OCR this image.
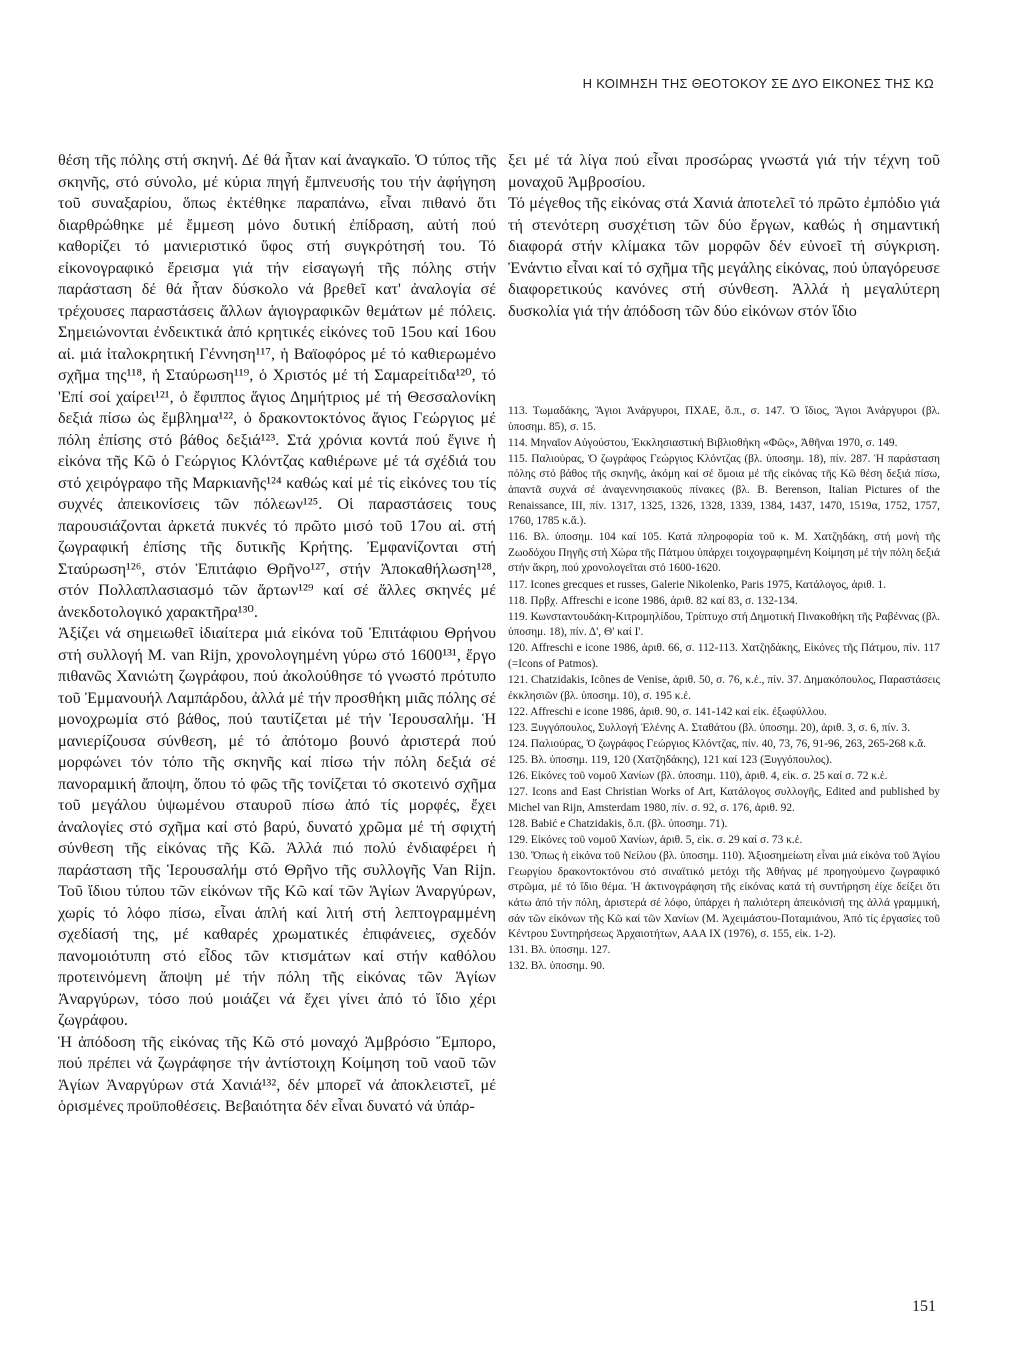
Η ΚΟΙΜΗΣΗ ΤΗΣ ΘΕΟΤΟΚΟΥ ΣΕ ΔΥΟ ΕΙΚΟΝΕΣ ΤΗΣ ΚΩ

θέση τῆς πόλης στή σκηνή. Δέ θά ἦταν καί ἀναγκαῖο. Ὁ τύπος τῆς σκηνῆς, στό σύνολο, μέ κύρια πηγή ἔμπνευσής του τήν ἀφήγηση τοῦ συναξαρίου, ὅπως ἐκτέθηκε παραπάνω, εἶναι πιθανό ὅτι διαρθρώθηκε μέ ἔμμεση μόνο δυτική ἐπίδραση, αὐτή πού καθορίζει τό μανιεριστικό ὕφος στή συγκρότησή του. Τό εἰκονογραφικό ἔρεισμα γιά τήν εἰσαγωγή τῆς πόλης στήν παράσταση δέ θά ἦταν δύσκολο νά βρεθεῖ κατ' ἀναλογία σέ τρέχουσες παραστάσεις ἄλλων ἁγιογραφικῶν θεμάτων μέ πόλεις. Σημειώνονται ἐνδεικτικά ἀπό κρητικές εἰκόνες τοῦ 15ου καί 16ου αἰ. μιά ἰταλοκρητική Γέννηση¹¹⁷, ἡ Βαϊοφόρος μέ τό καθιερωμένο σχῆμα της¹¹⁸, ἡ Σταύρωση¹¹⁹, ὁ Χριστός μέ τή Σαμαρείτιδα¹²⁰, τό 'Επί σοί χαίρει¹²¹, ὁ ἔφιππος ἅγιος Δημήτριος μέ τή Θεσσαλονίκη δεξιά πίσω ὡς ἔμβλημα¹²², ὁ δρακοντοκτόνος ἅγιος Γεώργιος μέ πόλη ἐπίσης στό βάθος δεξιά¹²³. Στά χρόνια κοντά πού ἔγινε ἡ εἰκόνα τῆς Κῶ ὁ Γεώργιος Κλόντζας καθιέρωνε μέ τά σχέδιά του στό χειρόγραφο τῆς Μαρκιανῆς¹²⁴ καθώς καί μέ τίς εἰκόνες του τίς συχνές ἀπεικονίσεις τῶν πόλεων¹²⁵. Οἱ παραστάσεις τους παρουσιάζονται ἀρκετά πυκνές τό πρῶτο μισό τοῦ 17ου αἰ. στή ζωγραφική ἐπίσης τῆς δυτικῆς Κρήτης. Ἐμφανίζονται στή Σταύρωση¹²⁶, στόν Ἐπιτάφιο Θρῆνο¹²⁷, στήν Ἀποκαθήλωση¹²⁸, στόν Πολλαπλασιασμό τῶν ἄρτων¹²⁹ καί σέ ἄλλες σκηνές μέ ἀνεκδοτολογικό χαρακτῆρα¹³⁰.

Ἀξίζει νά σημειωθεῖ ἰδιαίτερα μιά εἰκόνα τοῦ Ἐπιτάφιου Θρήνου στή συλλογή M. van Rijn, χρονολογημένη γύρω στό 1600¹³¹, ἔργο πιθανῶς Χανιώτη ζωγράφου, πού ἀκολούθησε τό γνωστό πρότυπο τοῦ Ἐμμανουήλ Λαμπάρδου, ἀλλά μέ τήν προσθήκη μιᾶς πόλης σέ μονοχρωμία στό βάθος, πού ταυτίζεται μέ τήν Ἱερουσαλήμ. Ἡ μανιερίζουσα σύνθεση, μέ τό ἀπότομο βουνό ἀριστερά πού μορφώνει τόν τόπο τῆς σκηνῆς καί πίσω τήν πόλη δεξιά σέ πανοραμική ἄποψη, ὅπου τό φῶς τῆς τονίζεται τό σκοτεινό σχῆμα τοῦ μεγάλου ὑψωμένου σταυροῦ πίσω ἀπό τίς μορφές, ἔχει ἀναλογίες στό σχῆμα καί στό βαρύ, δυνατό χρῶμα μέ τή σφιχτή σύνθεση τῆς εἰκόνας τῆς Κῶ. Ἀλλά πιό πολύ ἐνδιαφέρει ἡ παράσταση τῆς Ἱερουσαλήμ στό Θρῆνο τῆς συλλογῆς Van Rijn. Τοῦ ἴδιου τύπου τῶν εἰκόνων τῆς Κῶ καί τῶν Ἁγίων Ἀναργύρων, χωρίς τό λόφο πίσω, εἶναι ἁπλή καί λιτή στή λεπτογραμμένη σχεδίασή της, μέ καθαρές χρωματικές ἐπιφάνειες, σχεδόν πανομοιότυπη στό εἶδος τῶν κτισμάτων καί στήν καθόλου προτεινόμενη ἄποψη μέ τήν πόλη τῆς εἰκόνας τῶν Ἁγίων Ἀναργύρων, τόσο πού μοιάζει νά ἔχει γίνει ἀπό τό ἴδιο χέρι ζωγράφου.

Ἡ ἀπόδοση τῆς εἰκόνας τῆς Κῶ στό μοναχό Ἀμβρόσιο Ἔμπορο, πού πρέπει νά ζωγράφησε τήν ἀντίστοιχη Κοίμηση τοῦ ναοῦ τῶν Ἁγίων Ἀναργύρων στά Χανιά¹³², δέν μπορεῖ νά ἀποκλειστεῖ, μέ ὁρισμένες προϋποθέσεις. Βεβαιότητα δέν εἶναι δυνατό νά ὑπάρ-

ξει μέ τά λίγα πού εἶναι προσώρας γνωστά γιά τήν τέχνη τοῦ μοναχοῦ Ἀμβροσίου.

Τό μέγεθος τῆς εἰκόνας στά Χανιά ἀποτελεῖ τό πρῶτο ἐμπόδιο γιά τή στενότερη συσχέτιση τῶν δύο ἔργων, καθώς ἡ σημαντική διαφορά στήν κλίμακα τῶν μορφῶν δέν εὐνοεῖ τή σύγκριση. Ἐνάντιο εἶναι καί τό σχῆμα τῆς μεγάλης εἰκόνας, πού ὑπαγόρευσε διαφορετικούς κανόνες στή σύνθεση. Ἀλλά ἡ μεγαλύτερη δυσκολία γιά τήν ἀπόδοση τῶν δύο εἰκόνων στόν ἴδιο

113. Τωμαδάκης, Ἅγιοι Ἀνάργυροι, ΠΧΑΕ, ὅ.π., σ. 147. Ὁ ἴδιος, Ἅγιοι Ἀνάργυροι (βλ. ὑποσημ. 85), σ. 15.

114. Μηναῖον Αὐγούστου, Ἐκκλησιαστική Βιβλιοθήκη «Φῶς», Ἀθῆναι 1970, σ. 149.

115. Παλιούρας, Ὁ ζωγράφος Γεώργιος Κλόντζας (βλ. ὑποσημ. 18), πίν. 287. Ἡ παράσταση πόλης στό βάθος τῆς σκηνῆς, ἀκόμη καί σέ ὅμοια μέ τῆς εἰκόνας τῆς Κῶ θέση δεξιά πίσω, ἀπαντᾶ συχνά σέ ἀναγεννησιακούς πίνακες (βλ. B. Berenson, Italian Pictures of the Renaissance, III, πίν. 1317, 1325, 1326, 1328, 1339, 1384, 1437, 1470, 1519α, 1752, 1757, 1760, 1785 κ.ἄ.).

116. Βλ. ὑποσημ. 104 καί 105. Κατά πληροφορία τοῦ κ. M. Χατζηδάκη, στή μονή τῆς Ζωοδόχου Πηγῆς στή Χώρα τῆς Πάτμου ὑπάρχει τοιχογραφημένη Κοίμηση μέ τήν πόλη δεξιά στήν ἄκρη, πού χρονολογεῖται στό 1600-1620.

117. Icones grecques et russes, Galerie Nikolenko, Paris 1975, Κατάλογος, ἀριθ. 1.

118. Πρβχ. Affreschi e icone 1986, ἀριθ. 82 καί 83, σ. 132-134.

119. Κωνσταντουδάκη-Κιτρομηλίδου, Τρίπτυχο στή Δημοτική Πινακοθήκη τῆς Ραβέννας (βλ. ὑποσημ. 18), πίν. Δ', Θ' καί Ι'.

120. Affreschi e icone 1986, ἀριθ. 66, σ. 112-113. Χατζηδάκης, Εἰκόνες τῆς Πάτμου, πίν. 117 (=Icons of Patmos).

121. Chatzidakis, Icônes de Venise, ἀριθ. 50, σ. 76, κ.ἑ., πίν. 37. Δημακόπουλος, Παραστάσεις ἐκκλησιῶν (βλ. ὑποσημ. 10), σ. 195 κ.ἑ.

122. Affreschi e icone 1986, ἀριθ. 90, σ. 141-142 καί εἰκ. ἐξωφύλλου.

123. Ξυγγόπουλος, Συλλογή Ἑλένης Α. Σταθάτου (βλ. ὑποσημ. 20), ἀριθ. 3, σ. 6, πίν. 3.

124. Παλιούρας, Ὁ ζωγράφος Γεώργιος Κλόντζας, πίν. 40, 73, 76, 91-96, 263, 265-268 κ.ἄ.

125. Βλ. ὑποσημ. 119, 120 (Χατζηδάκης), 121 καί 123 (Ξυγγόπουλος).

126. Εἰκόνες τοῦ νομοῦ Χανίων (βλ. ὑποσημ. 110), ἀριθ. 4, εἰκ. σ. 25 καί σ. 72 κ.ἑ.

127. Icons and East Christian Works of Art, Κατάλογος συλλογῆς, Edited and published by Michel van Rijn, Amsterdam 1980, πίν. σ. 92, σ. 176, ἀριθ. 92.

128. Babić e Chatzidakis, ὅ.π. (βλ. ὑποσημ. 71).

129. Εἰκόνες τοῦ νομοῦ Χανίων, ἀριθ. 5, εἰκ. σ. 29 καί σ. 73 κ.ἑ.

130. Ὅπως ἡ εἰκόνα τοῦ Νείλου (βλ. ὑποσημ. 110). Ἀξιοσημείωτη εἶναι μιά εἰκόνα τοῦ Ἁγίου Γεωργίου δρακοντοκτόνου στό σιναϊτικό μετόχι τῆς Ἀθήνας μέ προηγούμενο ζωγραφικό στρῶμα, μέ τό ἴδιο θέμα. Ἡ ἀκτινογράφηση τῆς εἰκόνας κατά τή συντήρηση ἐίχε δείξει ὅτι κάτω ἀπό τήν πόλη, ἀριστερά σέ λόφο, ὑπάρχει ἡ παλιότερη ἀπεικόνισή της ἀλλά γραμμική, σάν τῶν εἰκόνων τῆς Κῶ καί τῶν Χανίων (M. Ἀχειμάστου-Ποταμιάνου, Ἀπό τίς ἐργασίες τοῦ Κέντρου Συντηρήσεως Ἀρχαιοτήτων, ΑΑΑ IX (1976), σ. 155, εἰκ. 1-2).

131. Βλ. ὑποσημ. 127.

132. Βλ. ὑποσημ. 90.

151
